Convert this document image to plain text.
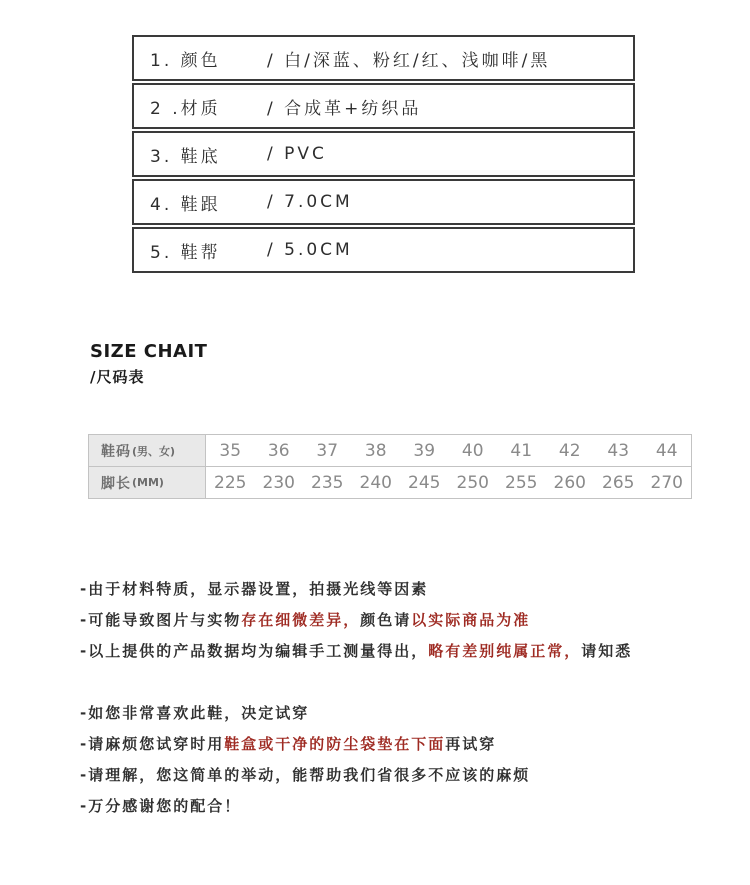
1. 颜色	/ 白/深蓝、粉红/红、浅咖啡/黑
2 .材质	/ 合成革+纺织品
3. 鞋底	/ PVC
4. 鞋跟	/ 7.0CM
5. 鞋帮	/ 5.0CM
SIZE CHAIT
/尺码表
鞋码 (男、女)	35	36	37	38	39	40	41	42	43	44
脚长 (MM)	225 230 235 240 245 250 255 260 265 270
-由于材料特质，显示器设置，拍摄光线等因素
-可能导致图片与实物存在细微差异，颜色请以实际商品为准
-以上提供的产品数据均为编辑手工测量得出，略有差别纯属正常，请知悉
-如您非常喜欢此鞋，决定试穿
-请麻烦您试穿时用鞋盒或干净的防尘袋垫在下面再试穿
-请理解，您这简单的举动，能帮助我们省很多不应该的麻烦
-万分感谢您的配合！
